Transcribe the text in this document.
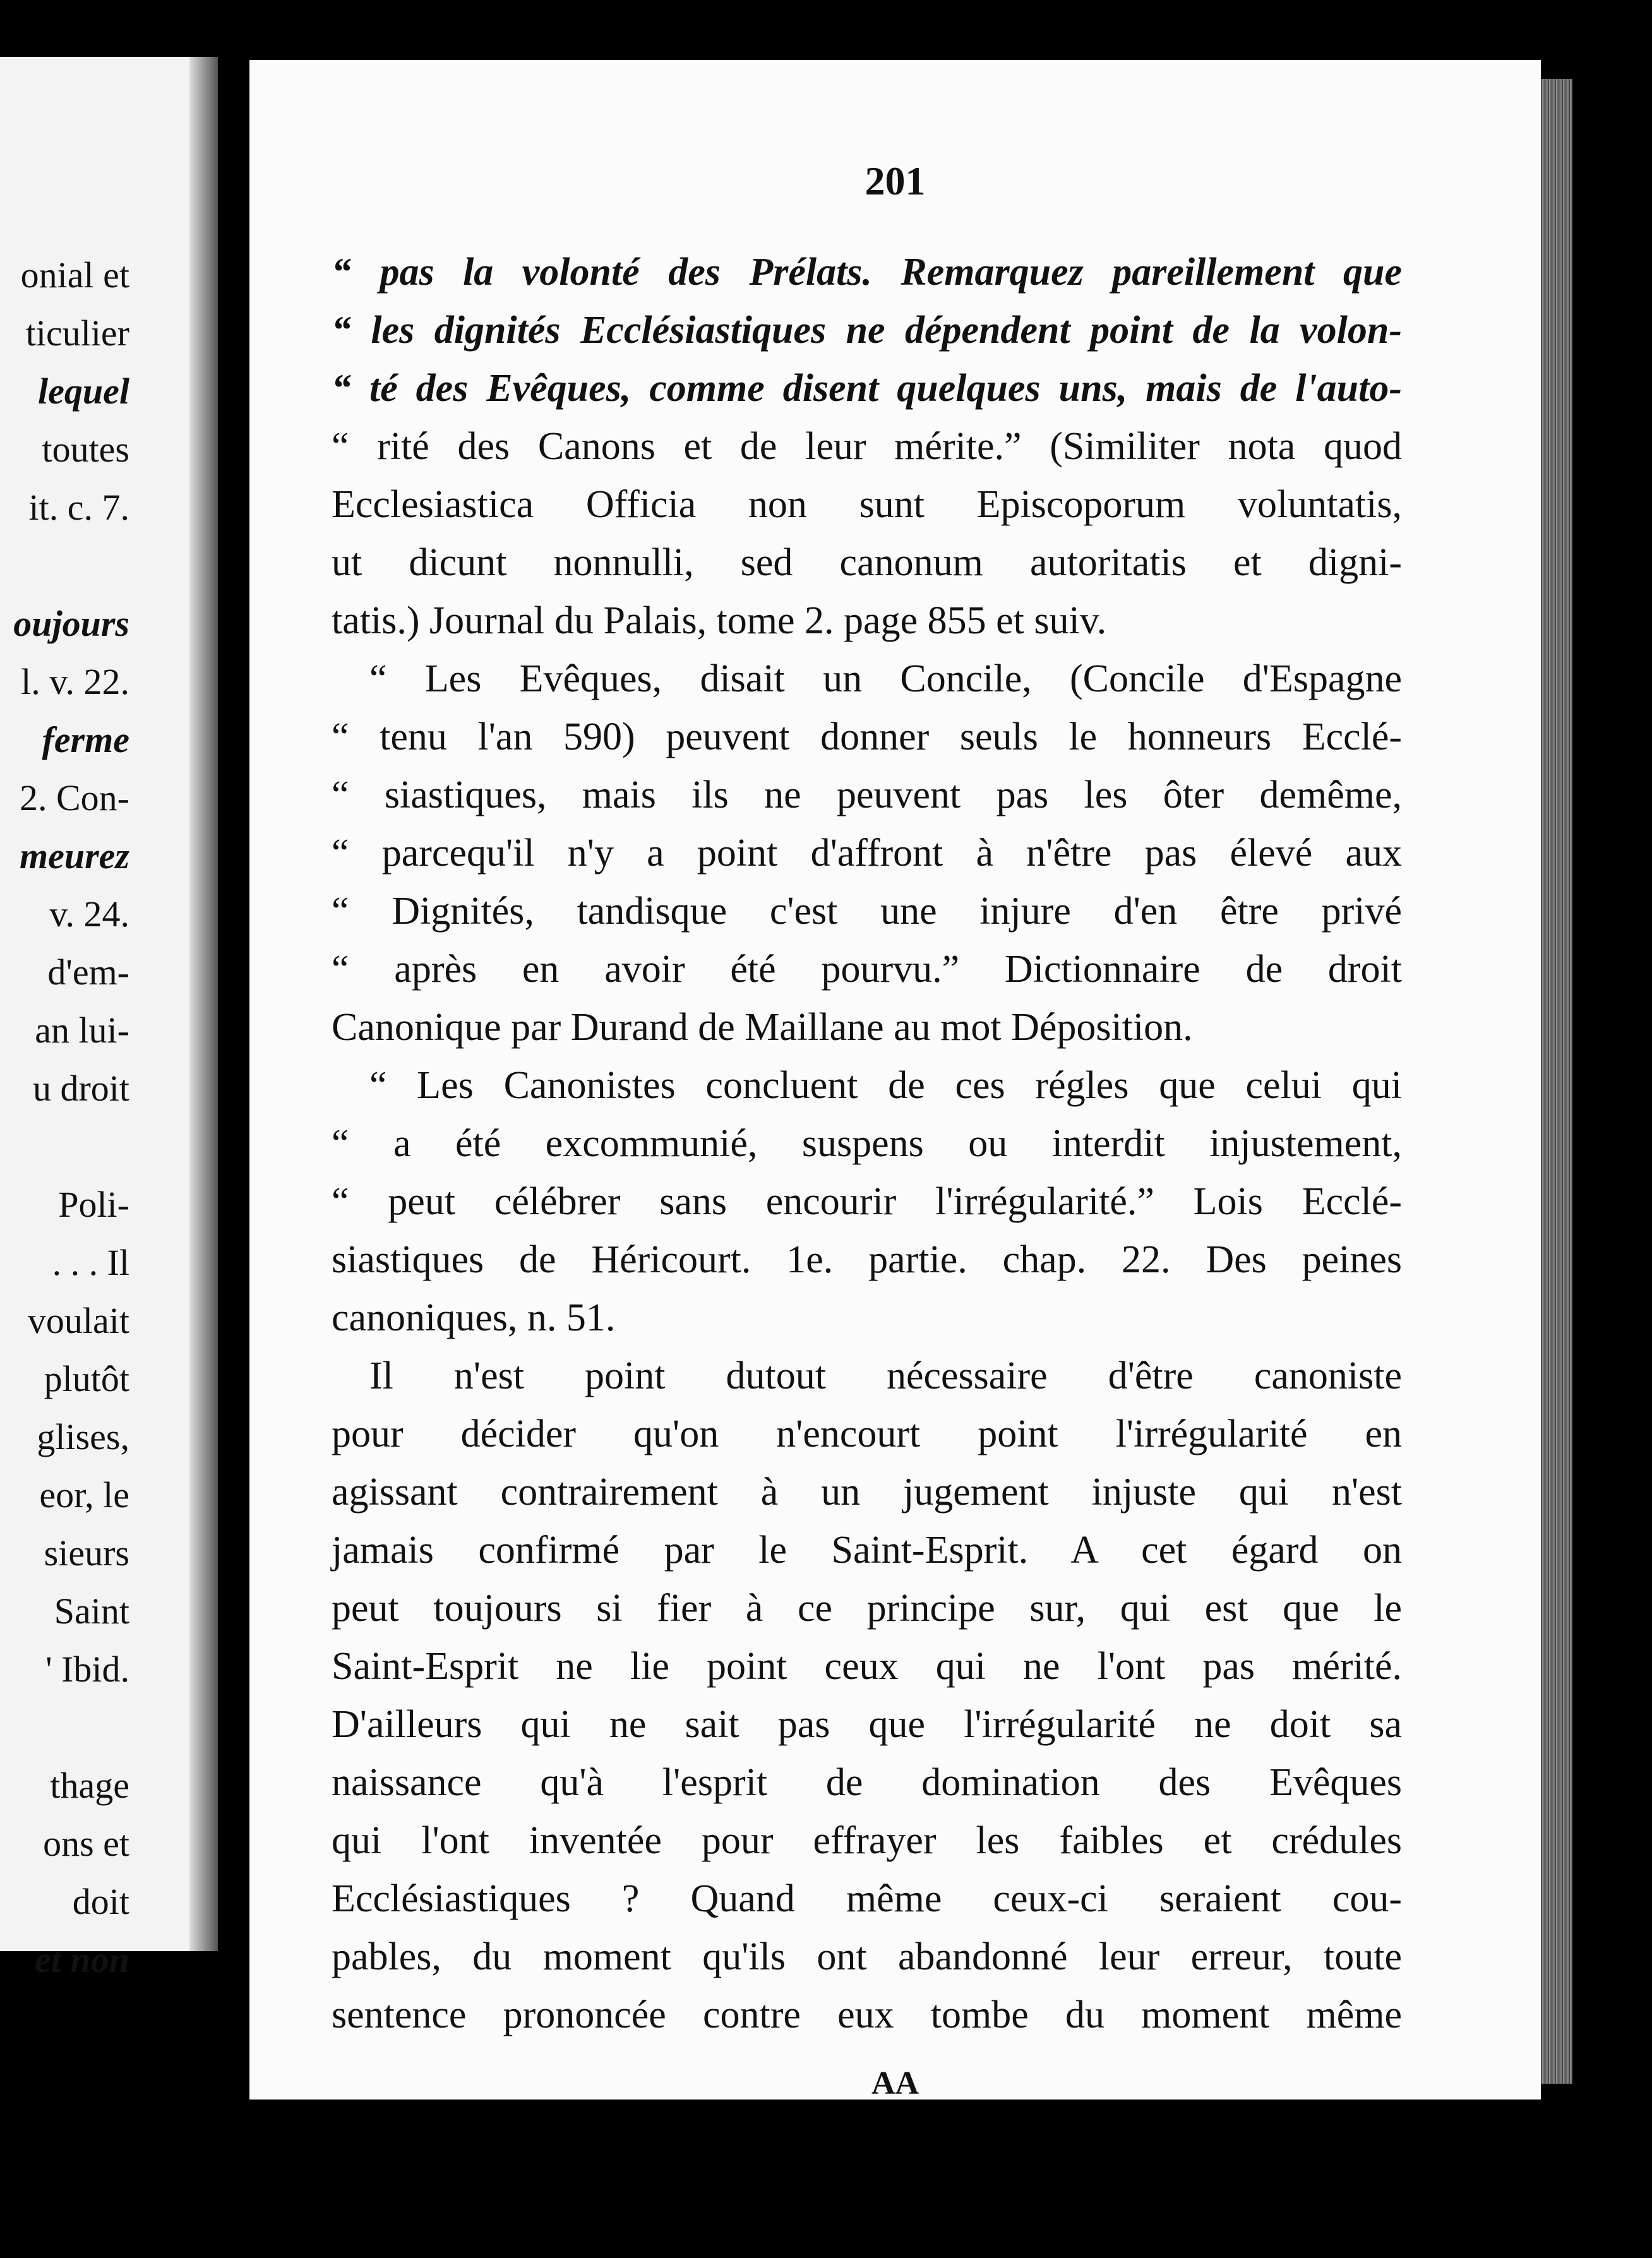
onial et
ticulier
lequel
toutes
it. c. 7.
oujours
l. v. 22.
ferme
2. Con-
meurez
v. 24.
d'em-
an lui-
u droit
Poli-
. . . Il
voulait
plutôt
glises,
eor, le
sieurs
Saint
' Ibid.
thage
ons et
doit
et non
201
“ pas la volonté des Prélats. Remarquez pareillement que
“ les dignités Ecclésiastiques ne dépendent point de la volon-
“ té des Evêques, comme disent quelques uns, mais de l'auto-
“ rité des Canons et de leur mérite.” (Similiter nota quod
Ecclesiastica Officia non sunt Episcoporum voluntatis,
ut dicunt nonnulli, sed canonum autoritatis et digni-
tatis.) Journal du Palais, tome 2. page 855 et suiv.
“ Les Evêques, disait un Concile, (Concile d'Espagne
“ tenu l'an 590) peuvent donner seuls le honneurs Ecclé-
“ siastiques, mais ils ne peuvent pas les ôter demême,
“ parcequ'il n'y a point d'affront à n'être pas élevé aux
“ Dignités, tandisque c'est une injure d'en être privé
“ après en avoir été pourvu.” Dictionnaire de droit
Canonique par Durand de Maillane au mot Déposition.
“ Les Canonistes concluent de ces régles que celui qui
“ a été excommunié, suspens ou interdit injustement,
“ peut célébrer sans encourir l'irrégularité.” Lois Ecclé-
siastiques de Héricourt. 1e. partie. chap. 22. Des peines
canoniques, n. 51.
Il n'est point dutout nécessaire d'être canoniste
pour décider qu'on n'encourt point l'irrégularité en
agissant contrairement à un jugement injuste qui n'est
jamais confirmé par le Saint-Esprit. A cet égard on
peut toujours si fier à ce principe sur, qui est que le
Saint-Esprit ne lie point ceux qui ne l'ont pas mérité.
D'ailleurs qui ne sait pas que l'irrégularité ne doit sa
naissance qu'à l'esprit de domination des Evêques
qui l'ont inventée pour effrayer les faibles et crédules
Ecclésiastiques ? Quand même ceux-ci seraient cou-
pables, du moment qu'ils ont abandonné leur erreur, toute
sentence prononcée contre eux tombe du moment même
AA
